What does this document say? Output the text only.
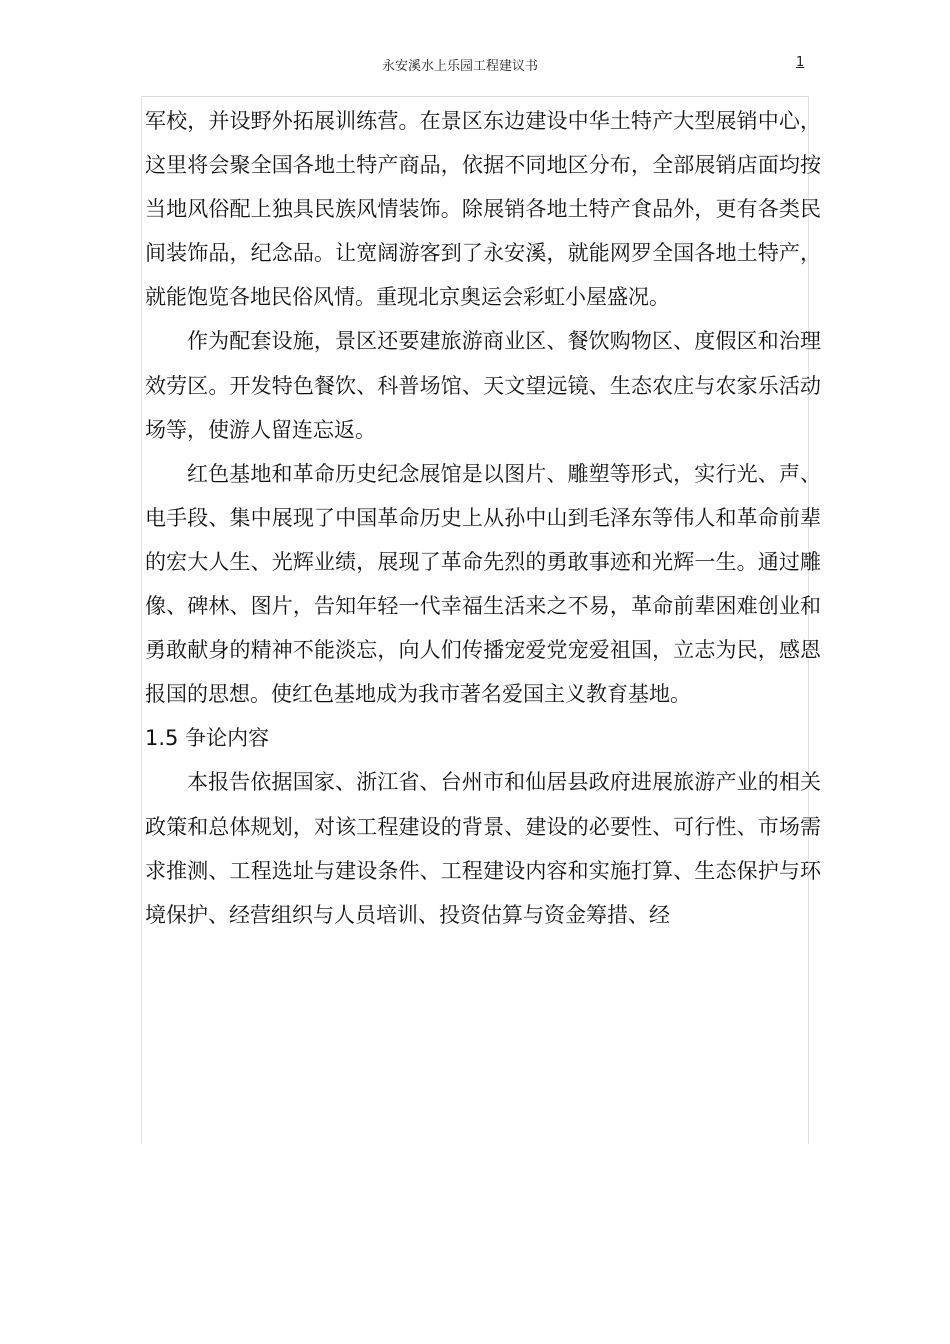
永安溪水上乐园工程建议书	1

军校，并设野外拓展训练营。在景区东边建设中华土特产大型展销中心，这里将会聚全国各地土特产商品，依据不同地区分布，全部展销店面均按当地风俗配上独具民族风情装饰。除展销各地土特产食品外，更有各类民间装饰品，纪念品。让宽阔游客到了永安溪，就能网罗全国各地土特产，就能饱览各地民俗风情。重现北京奥运会彩虹小屋盛况。

作为配套设施，景区还要建旅游商业区、餐饮购物区、度假区和治理效劳区。开发特色餐饮、科普场馆、天文望远镜、生态农庄与农家乐活动场等，使游人留连忘返。

红色基地和革命历史纪念展馆是以图片、雕塑等形式，实行光、声、电手段、集中展现了中国革命历史上从孙中山到毛泽东等伟人和革命前辈的宏大人生、光辉业绩，展现了革命先烈的勇敢事迹和光辉一生。通过雕像、碑林、图片，告知年轻一代幸福生活来之不易，革命前辈困难创业和勇敢献身的精神不能淡忘，向人们传播宠爱党宠爱祖国，立志为民，感恩报国的思想。使红色基地成为我市著名爱国主义教育基地。

1.5 争论内容

本报告依据国家、浙江省、台州市和仙居县政府进展旅游产业的相关政策和总体规划，对该工程建设的背景、建设的必要性、可行性、市场需求推测、工程选址与建设条件、工程建设内容和实施打算、生态保护与环境保护、经营组织与人员培训、投资估算与资金筹措、经
